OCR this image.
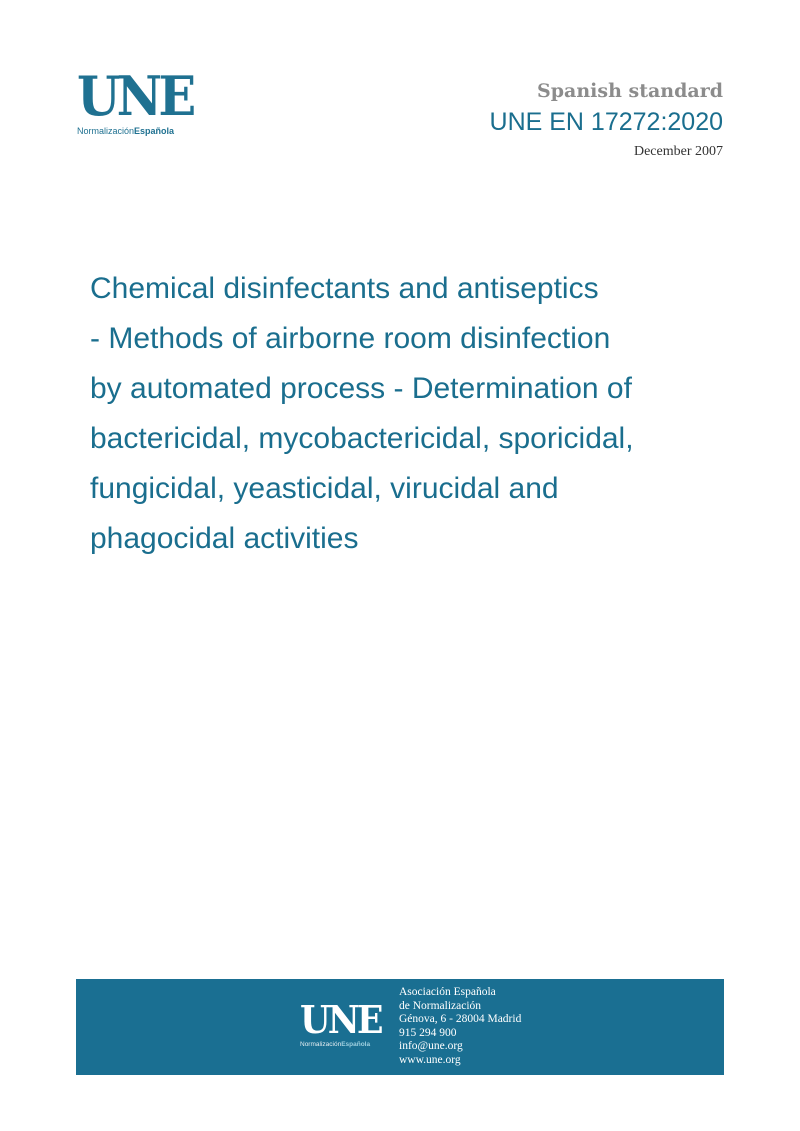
UNE
NormalizaciónEspañola
Spanish standard
UNE EN 17272:2020
December 2007
Chemical disinfectants and antiseptics
- Methods of airborne room disinfection
by automated process - Determination of
bactericidal, mycobactericidal, sporicidal,
fungicidal, yeasticidal, virucidal and
phagocidal activities
UNE
NormalizaciónEspañola
Asociación Española
de Normalización
Génova, 6 - 28004 Madrid
915 294 900
info@une.org
www.une.org
